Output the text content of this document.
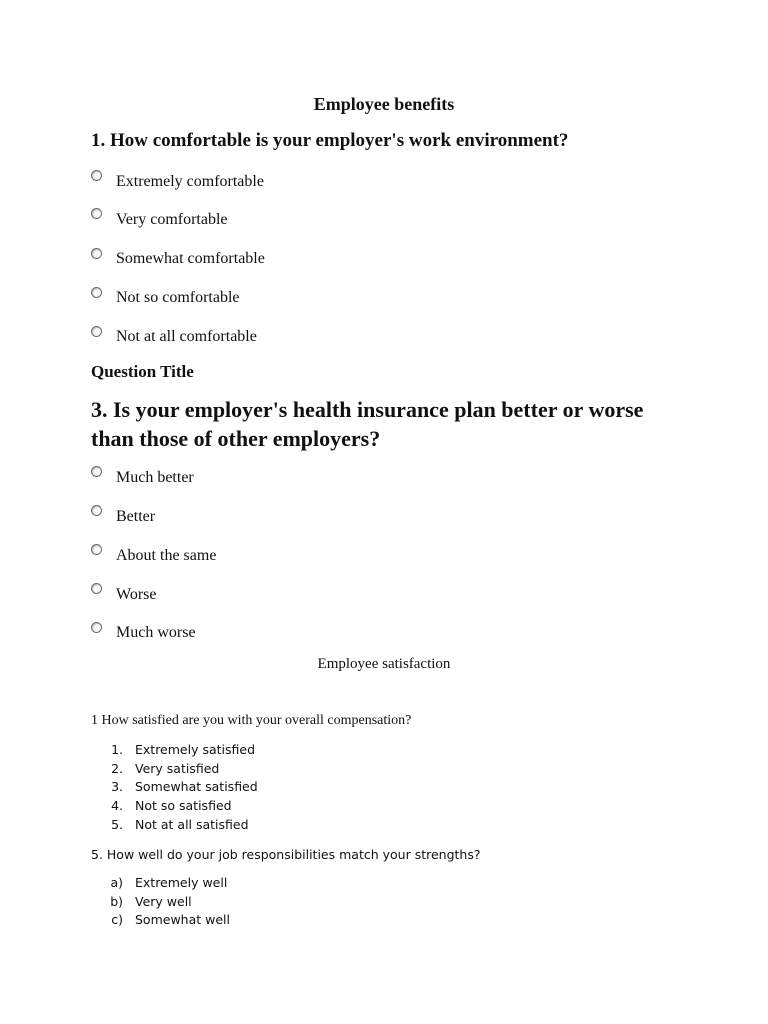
Employee benefits
1. How comfortable is your employer's work environment?
Extremely comfortable
Very comfortable
Somewhat comfortable
Not so comfortable
Not at all comfortable
Question Title
3. Is your employer's health insurance plan better or worse than those of other employers?
Much better
Better
About the same
Worse
Much worse
Employee satisfaction
1 How satisfied are you with your overall compensation?
1. Extremely satisfied
2. Very satisfied
3. Somewhat satisfied
4. Not so satisfied
5. Not at all satisfied
5. How well do your job responsibilities match your strengths?
a) Extremely well
b) Very well
c) Somewhat well
